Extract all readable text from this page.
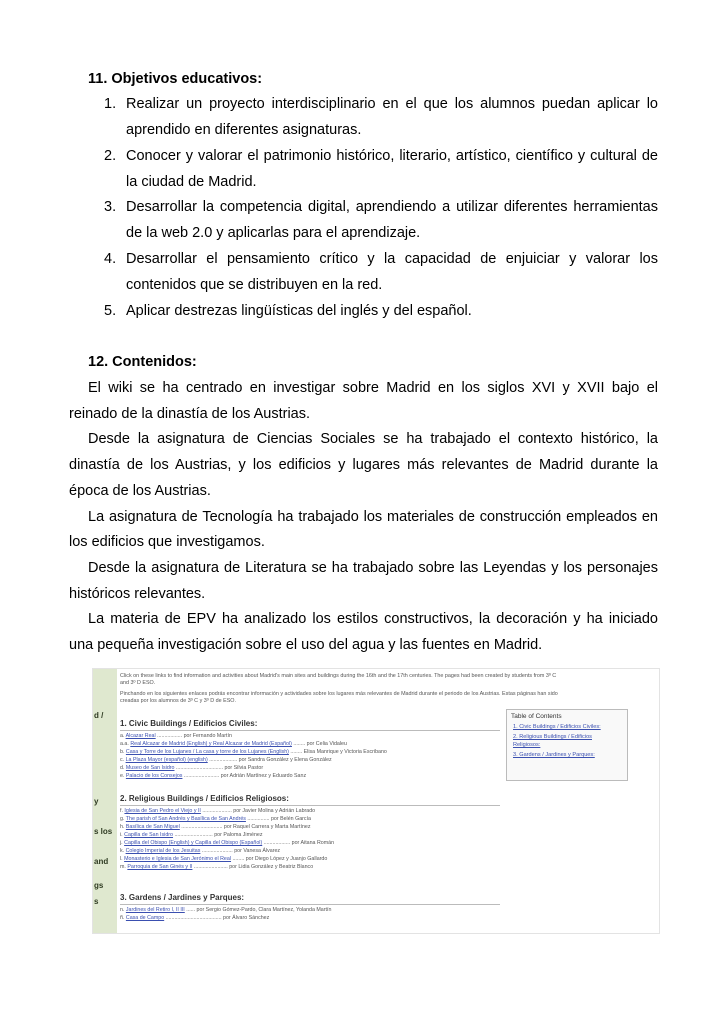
11. Objetivos educativos:
1. Realizar un proyecto interdisciplinario en el que los alumnos puedan aplicar lo
aprendido en diferentes asignaturas.
2. Conocer y valorar el patrimonio histórico, literario, artístico, científico y cultural de
la ciudad de Madrid.
3. Desarrollar la competencia digital, aprendiendo a utilizar diferentes herramientas
de la web 2.0 y aplicarlas para el aprendizaje.
4. Desarrollar el pensamiento crítico y la capacidad de enjuiciar y valorar los
contenidos que se distribuyen en la red.
5. Aplicar destrezas lingüísticas del inglés y del español.
12. Contenidos:
El wiki se ha centrado en investigar sobre Madrid en los siglos XVI y XVII bajo el
reinado de la dinastía de los Austrias.
Desde la asignatura de Ciencias Sociales se ha trabajado el contexto histórico, la
dinastía de los Austrias, y los edificios y lugares más relevantes de Madrid durante la
época de los Austrias.
La asignatura de Tecnología ha trabajado los materiales de construcción empleados en
los edificios que investigamos.
Desde la asignatura de Literatura se ha trabajado sobre las Leyendas y los personajes
históricos relevantes.
La materia de EPV ha analizado los estilos constructivos, la decoración y ha iniciado
una pequeña investigación sobre el uso del agua y las fuentes en Madrid.
d /
y
s los
and
gs
s
Click on these links to find information and activities about Madrid's main sites and buildings during the 16th and the 17th centuries. The pages had been created by students from 3º C
and 3º D ESO.
Pinchando en los siguientes enlaces podrás encontrar información y actividades sobre los lugares más relevantes de Madrid durante el periodo de los Austrias. Estas páginas han sido
creadas por los alumnos de 3º C y 3º D de ESO.
Table of Contents
1. Civic Buildings / Edificios Civiles:
2. Religious Buildings / Edificios
Religiosos:
3. Gardens / Jardines y Parques:
1. Civic Buildings / Edificios Civiles:
a. Alcazar Real ................. por Fernando Martín
a.a. Real Alcazar de Madrid (English) y Real Alcazar de Madrid (Español) ........ por Celia Vidaleu
b. Casa y Torre de los Lujanes / La casa y torre de los Lujanes (English) ........ Elisa Manrique y Victoria Escribano
c. La Plaza Mayor (español) (english) ................... por Sandra González y Elena González
d. Museo de San Isidro ................................ por Silvia Pastor
e. Palacio de los Consejos ........................ por Adrián Martínez y Eduardo Sanz
2. Religious Buildings / Edificios Religiosos:
f. Iglesia de San Pedro el Viejo y II .................... por Javier Molina y Adrián Labrado
g. The parish of San Andrés y Basílica de San Andrés ............... por Belén García
h. Basílica de San Miguel ............................ por Raquel Carrera y Marta Martínez
i. Capilla de San Isidro .......................... por Paloma Jiménez
j. Capilla del Obispo (English) y Capilla del Obispo (Español) .................. por Aitana Román
k. Colegio Imperial de los Jesuitas ..................... por Vanesa Álvarez
l. Monasterio e Iglesia de San Jerónimo el Real ........ por Diego López y Juanjo Gallardo
m. Parroquia de San Ginés y II ....................... por Lidia González y Beatriz Blanco
3. Gardens / Jardines y Parques:
n. Jardines del Retiro I, II III ...... por Sergio Gómez-Pardo, Clara Martínez, Yolanda Martín
ñ. Casa de Campo ...................................... por Álvaro Sánchez
